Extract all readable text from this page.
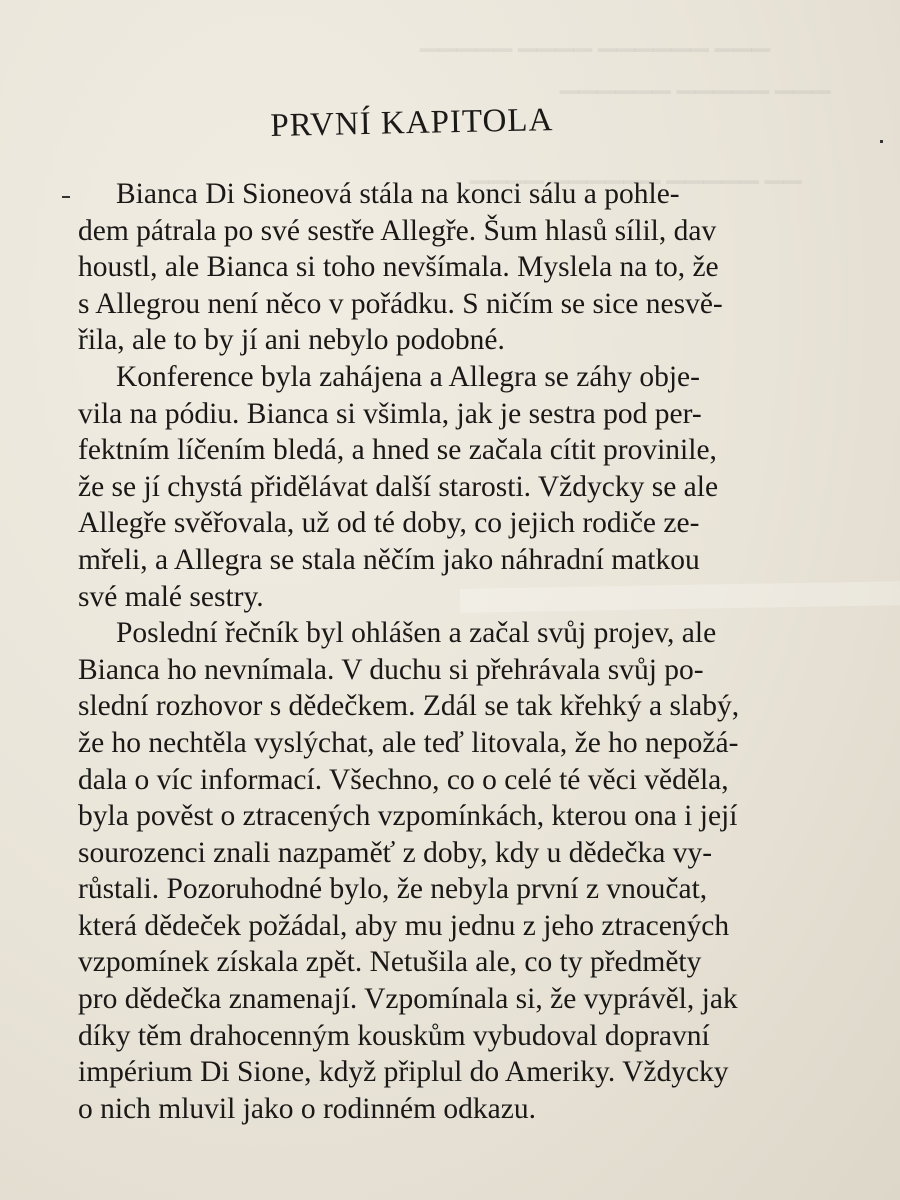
▁▁▁▁▁ ▁▁▁▁ ▁▁▁▁▁▁ ▁▁▁
▁▁▁▁▁▁ ▁▁▁▁▁ ▁▁▁
▁▁▁▁ ▁▁▁▁▁▁ ▁▁▁▁▁ ▁▁
PRVNÍ KAPITOLA
Bianca Di Sioneová stála na konci sálu a pohle-
dem pátrala po své sestře Allegře. Šum hlasů sílil, dav
houstl, ale Bianca si toho nevšímala. Myslela na to, že
s Allegrou není něco v pořádku. S ničím se sice nesvě-
řila, ale to by jí ani nebylo podobné.
Konference byla zahájena a Allegra se záhy obje-
vila na pódiu. Bianca si všimla, jak je sestra pod per-
fektním líčením bledá, a hned se začala cítit provinile,
že se jí chystá přidělávat další starosti. Vždycky se ale
Allegře svěřovala, už od té doby, co jejich rodiče ze-
mřeli, a Allegra se stala něčím jako náhradní matkou
své malé sestry.
Poslední řečník byl ohlášen a začal svůj projev, ale
Bianca ho nevnímala. V duchu si přehrávala svůj po-
slední rozhovor s dědečkem. Zdál se tak křehký a slabý,
že ho nechtěla vyslýchat, ale teď litovala, že ho nepožá-
dala o víc informací. Všechno, co o celé té věci věděla,
byla pověst o ztracených vzpomínkách, kterou ona i její
sourozenci znali nazpaměť z doby, kdy u dědečka vy-
růstali. Pozoruhodné bylo, že nebyla první z vnoučat,
která dědeček požádal, aby mu jednu z jeho ztracených
vzpomínek získala zpět. Netušila ale, co ty předměty
pro dědečka znamenají. Vzpomínala si, že vyprávěl, jak
díky těm drahocenným kouskům vybudoval dopravní
impérium Di Sione, když připlul do Ameriky. Vždycky
o nich mluvil jako o rodinném odkazu.
